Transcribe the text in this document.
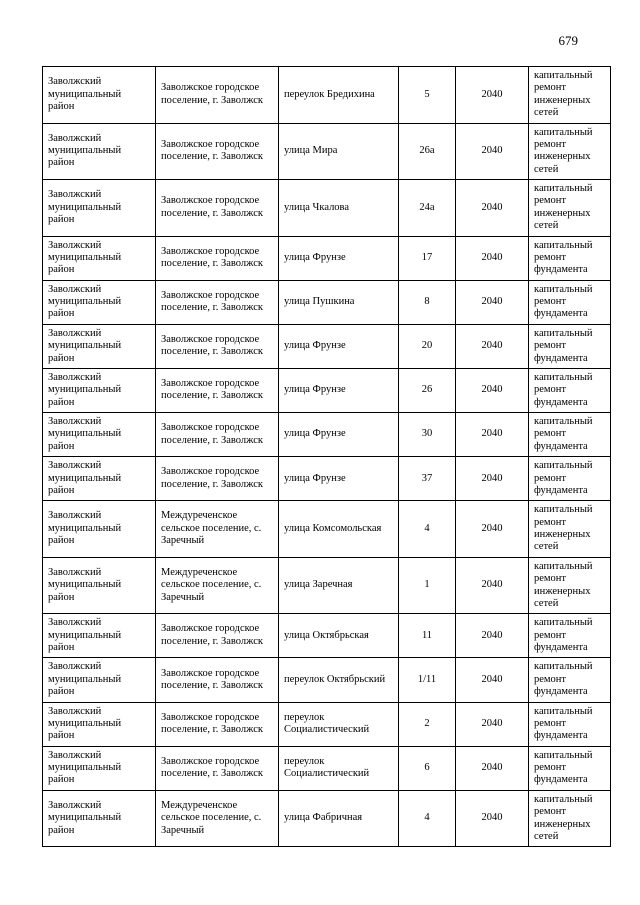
679
Заволжский муниципальный район	Заволжское городское поселение, г. Заволжск	переулок Бредихина	5	2040	капитальный ремонт инженерных сетей
Заволжский муниципальный район	Заволжское городское поселение, г. Заволжск	улица Мира	26а	2040	капитальный ремонт инженерных сетей
Заволжский муниципальный район	Заволжское городское поселение, г. Заволжск	улица Чкалова	24а	2040	капитальный ремонт инженерных сетей
Заволжский муниципальный район	Заволжское городское поселение, г. Заволжск	улица Фрунзе	17	2040	капитальный ремонт фундамента
Заволжский муниципальный район	Заволжское городское поселение, г. Заволжск	улица Пушкина	8	2040	капитальный ремонт фундамента
Заволжский муниципальный район	Заволжское городское поселение, г. Заволжск	улица Фрунзе	20	2040	капитальный ремонт фундамента
Заволжский муниципальный район	Заволжское городское поселение, г. Заволжск	улица Фрунзе	26	2040	капитальный ремонт фундамента
Заволжский муниципальный район	Заволжское городское поселение, г. Заволжск	улица Фрунзе	30	2040	капитальный ремонт фундамента
Заволжский муниципальный район	Заволжское городское поселение, г. Заволжск	улица Фрунзе	37	2040	капитальный ремонт фундамента
Заволжский муниципальный район	Междуреченское сельское поселение, с. Заречный	улица Комсомольская	4	2040	капитальный ремонт инженерных сетей
Заволжский муниципальный район	Междуреченское сельское поселение, с. Заречный	улица Заречная	1	2040	капитальный ремонт инженерных сетей
Заволжский муниципальный район	Заволжское городское поселение, г. Заволжск	улица Октябрьская	11	2040	капитальный ремонт фундамента
Заволжский муниципальный район	Заволжское городское поселение, г. Заволжск	переулок Октябрьский	1/11	2040	капитальный ремонт фундамента
Заволжский муниципальный район	Заволжское городское поселение, г. Заволжск	переулок Социалистический	2	2040	капитальный ремонт фундамента
Заволжский муниципальный район	Заволжское городское поселение, г. Заволжск	переулок Социалистический	6	2040	капитальный ремонт фундамента
Заволжский муниципальный район	Междуреченское сельское поселение, с. Заречный	улица Фабричная	4	2040	капитальный ремонт инженерных сетей
